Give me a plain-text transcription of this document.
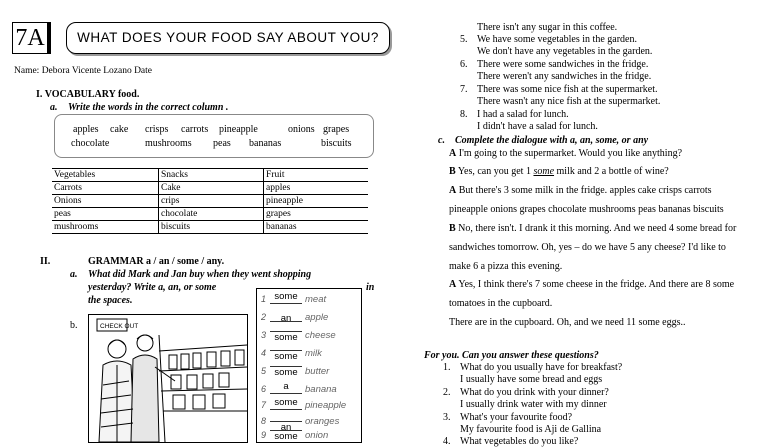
7A	WHAT DOES YOUR FOOD SAY ABOUT YOU?
Name: Debora Vicente Lozano Date
I. VOCABULARY food.
a. Write the words in the correct column .
apples cake crisps carrots pineapple	onions grapes
chocolate	mushrooms peas bananas	biscuits
Vegetables	Snacks	Fruit
Carrots	Cake	apples
Onions	crips	pineapple
peas	chocolate	grapes
mushrooms	biscuits	bananas
II.	GRAMMAR a / an / some / any.
a. What did Mark and Jan buy when they went shopping
in
yesterday? Write a, an, or some
the spaces.
b.	CHECK OUT
1 some meat
2	an	apple
3 some cheese
4 some milk
5 some butter
6	a	banana
7 some pineapple
8
an
oranges
9 some onion
There isn't any sugar in this coffee.
5. We have some vegetables in the garden.
We don't have any vegetables in the garden.
6. There were some sandwiches in the fridge.
There weren't any sandwiches in the fridge.
7. There was some nice fish at the supermarket.
There wasn't any nice fish at the supermarket.
8. I had a salad for lunch.
I didn't have a salad for lunch.
c. Complete the dialogue with a, an, some, or any
A I'm going to the supermarket. Would you like anything?
B Yes, can you get 1 some milk and 2 a bottle of wine?
A But there's 3 some milk in the fridge. apples cake crisps carrots
pineapple onions grapes chocolate mushrooms peas bananas biscuits
B No, there isn't. I drank it this morning. And we need 4 some bread for
sandwiches tomorrow. Oh, yes – do we have 5 any cheese? I'd like to
make 6 a pizza this evening.
A Yes, I think there's 7 some cheese in the fridge. And there are 8 some
tomatoes in the cupboard.
There are in the cupboard. Oh, and we need 11 some eggs..
For you. Can you answer these questions?
1. What do you usually have for breakfast?
I usually have some bread and eggs
2. What do you drink with your dinner?
I usually drink water with my dinner
3. What's your favourite food?
My favourite food is Aji de Gallina
4. What vegetables do you like?
